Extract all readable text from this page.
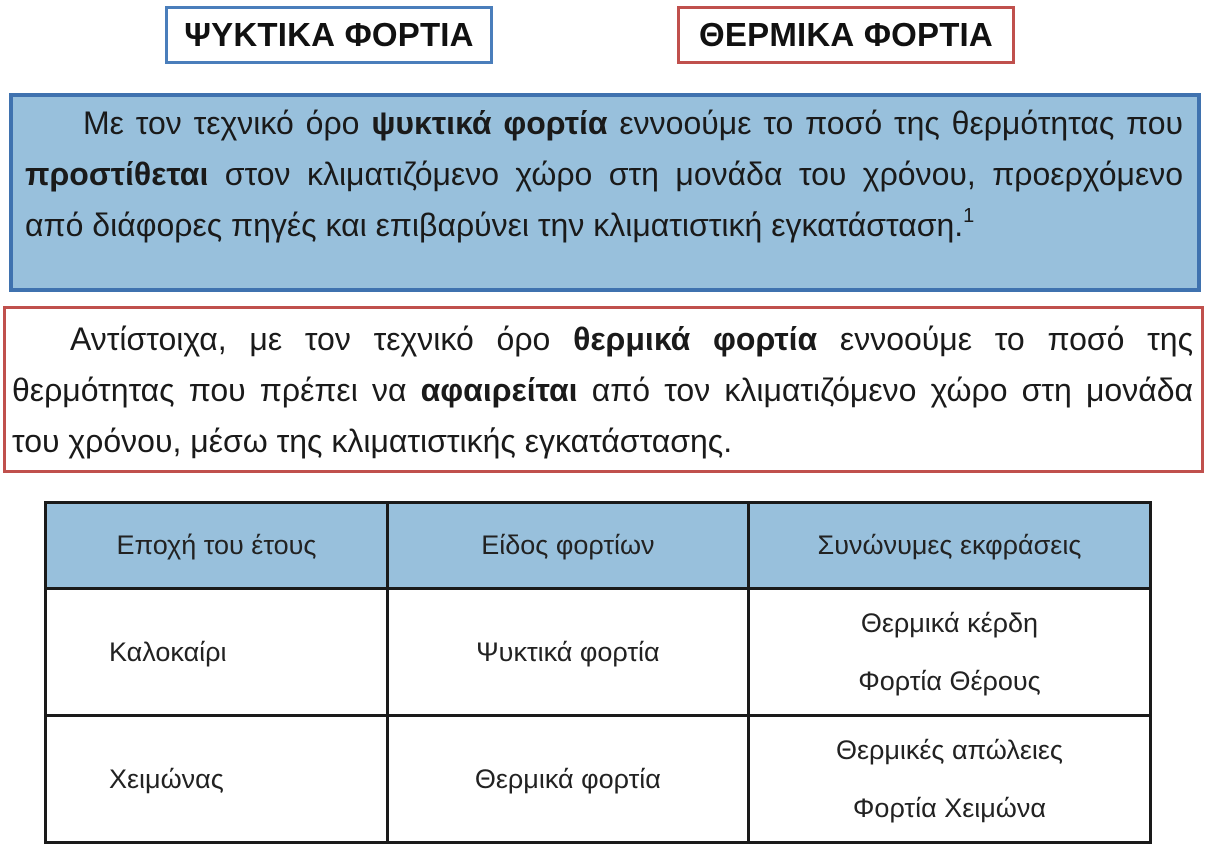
ΨΥΚΤΙΚΑ ΦΟΡΤΙΑ	ΘΕΡΜΙΚΑ ΦΟΡΤΙΑ

Με τον τεχνικό όρο ψυκτικά φορτία εννοούμε το ποσό της θερμότητας που προστίθεται στον κλιματιζόμενο χώρο στη μονάδα του χρόνου, προερχόμενο από διάφορες πηγές και επιβαρύνει την κλιματιστική εγκατάσταση.$^1$

Αντίστοιχα, με τον τεχνικό όρο θερμικά φορτία εννοούμε το ποσό της θερμότητας που πρέπει να αφαιρείται από τον κλιματιζόμενο χώρο στη μονάδα του χρόνου, μέσω της κλιματιστικής εγκατάστασης.

Εποχή του έτους	Είδος φορτίων	Συνώνυμες εκφράσεις
Καλοκαίρι	Ψυκτικά φορτία	Θερμικά κέρδη
Φορτία Θέρους

Χειμώνας	Θερμικά φορτία	Θερμικές απώλειες
Φορτία Χειμώνα
